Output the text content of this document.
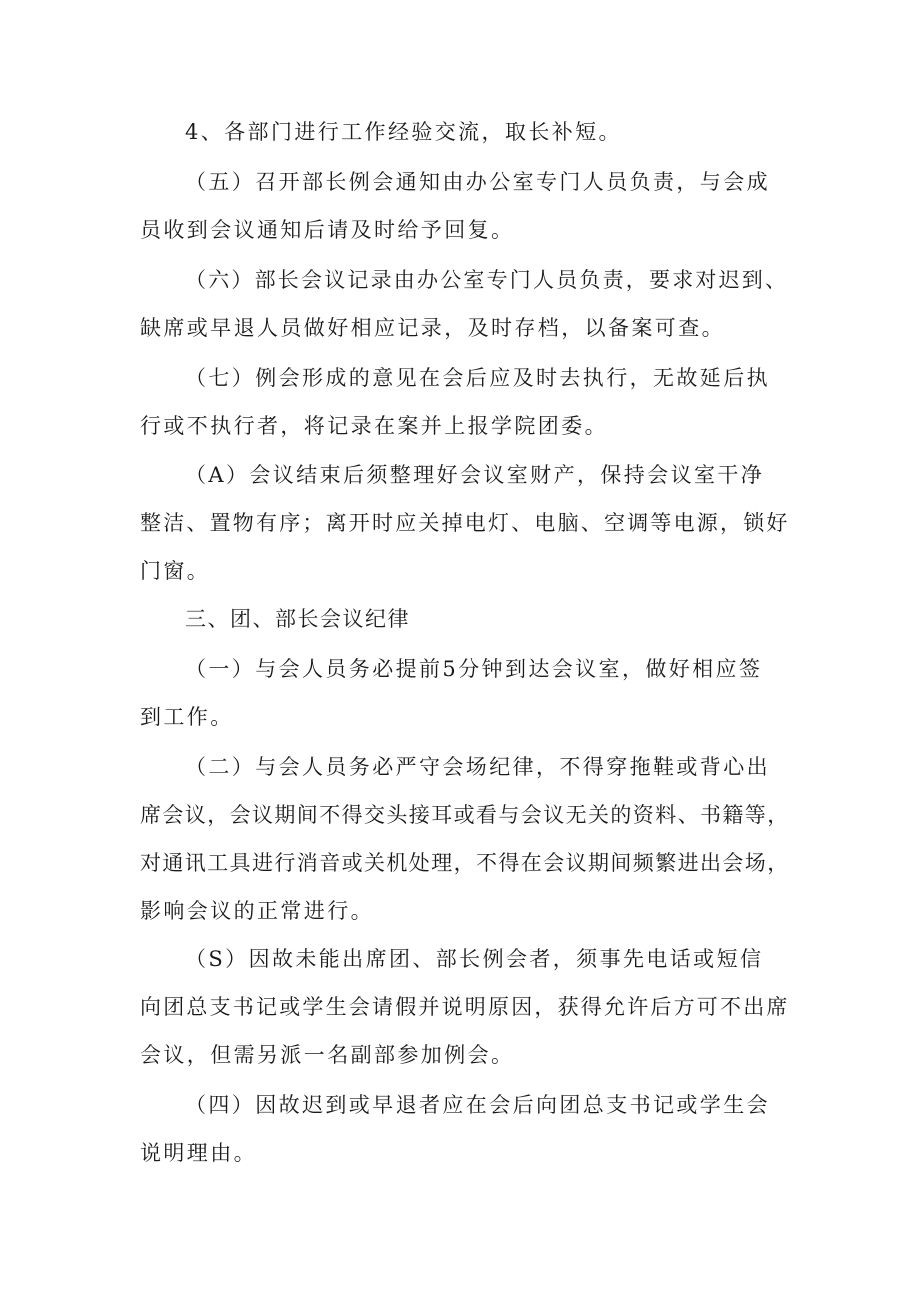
4、各部门进行工作经验交流，取长补短。
（五）召开部长例会通知由办公室专门人员负责，与会成
员收到会议通知后请及时给予回复。
（六）部长会议记录由办公室专门人员负责，要求对迟到、
缺席或早退人员做好相应记录，及时存档，以备案可查。
（七）例会形成的意见在会后应及时去执行，无故延后执
行或不执行者，将记录在案并上报学院团委。
（A）会议结束后须整理好会议室财产，保持会议室干净
整洁、置物有序；离开时应关掉电灯、电脑、空调等电源，锁好
门窗。
三、团、部长会议纪律
（一）与会人员务必提前5分钟到达会议室，做好相应签
到工作。
（二）与会人员务必严守会场纪律，不得穿拖鞋或背心出
席会议，会议期间不得交头接耳或看与会议无关的资料、书籍等，
对通讯工具进行消音或关机处理，不得在会议期间频繁进出会场，
影响会议的正常进行。
（S）因故未能出席团、部长例会者，须事先电话或短信
向团总支书记或学生会请假并说明原因，获得允许后方可不出席
会议，但需另派一名副部参加例会。
（四）因故迟到或早退者应在会后向团总支书记或学生会
说明理由。
